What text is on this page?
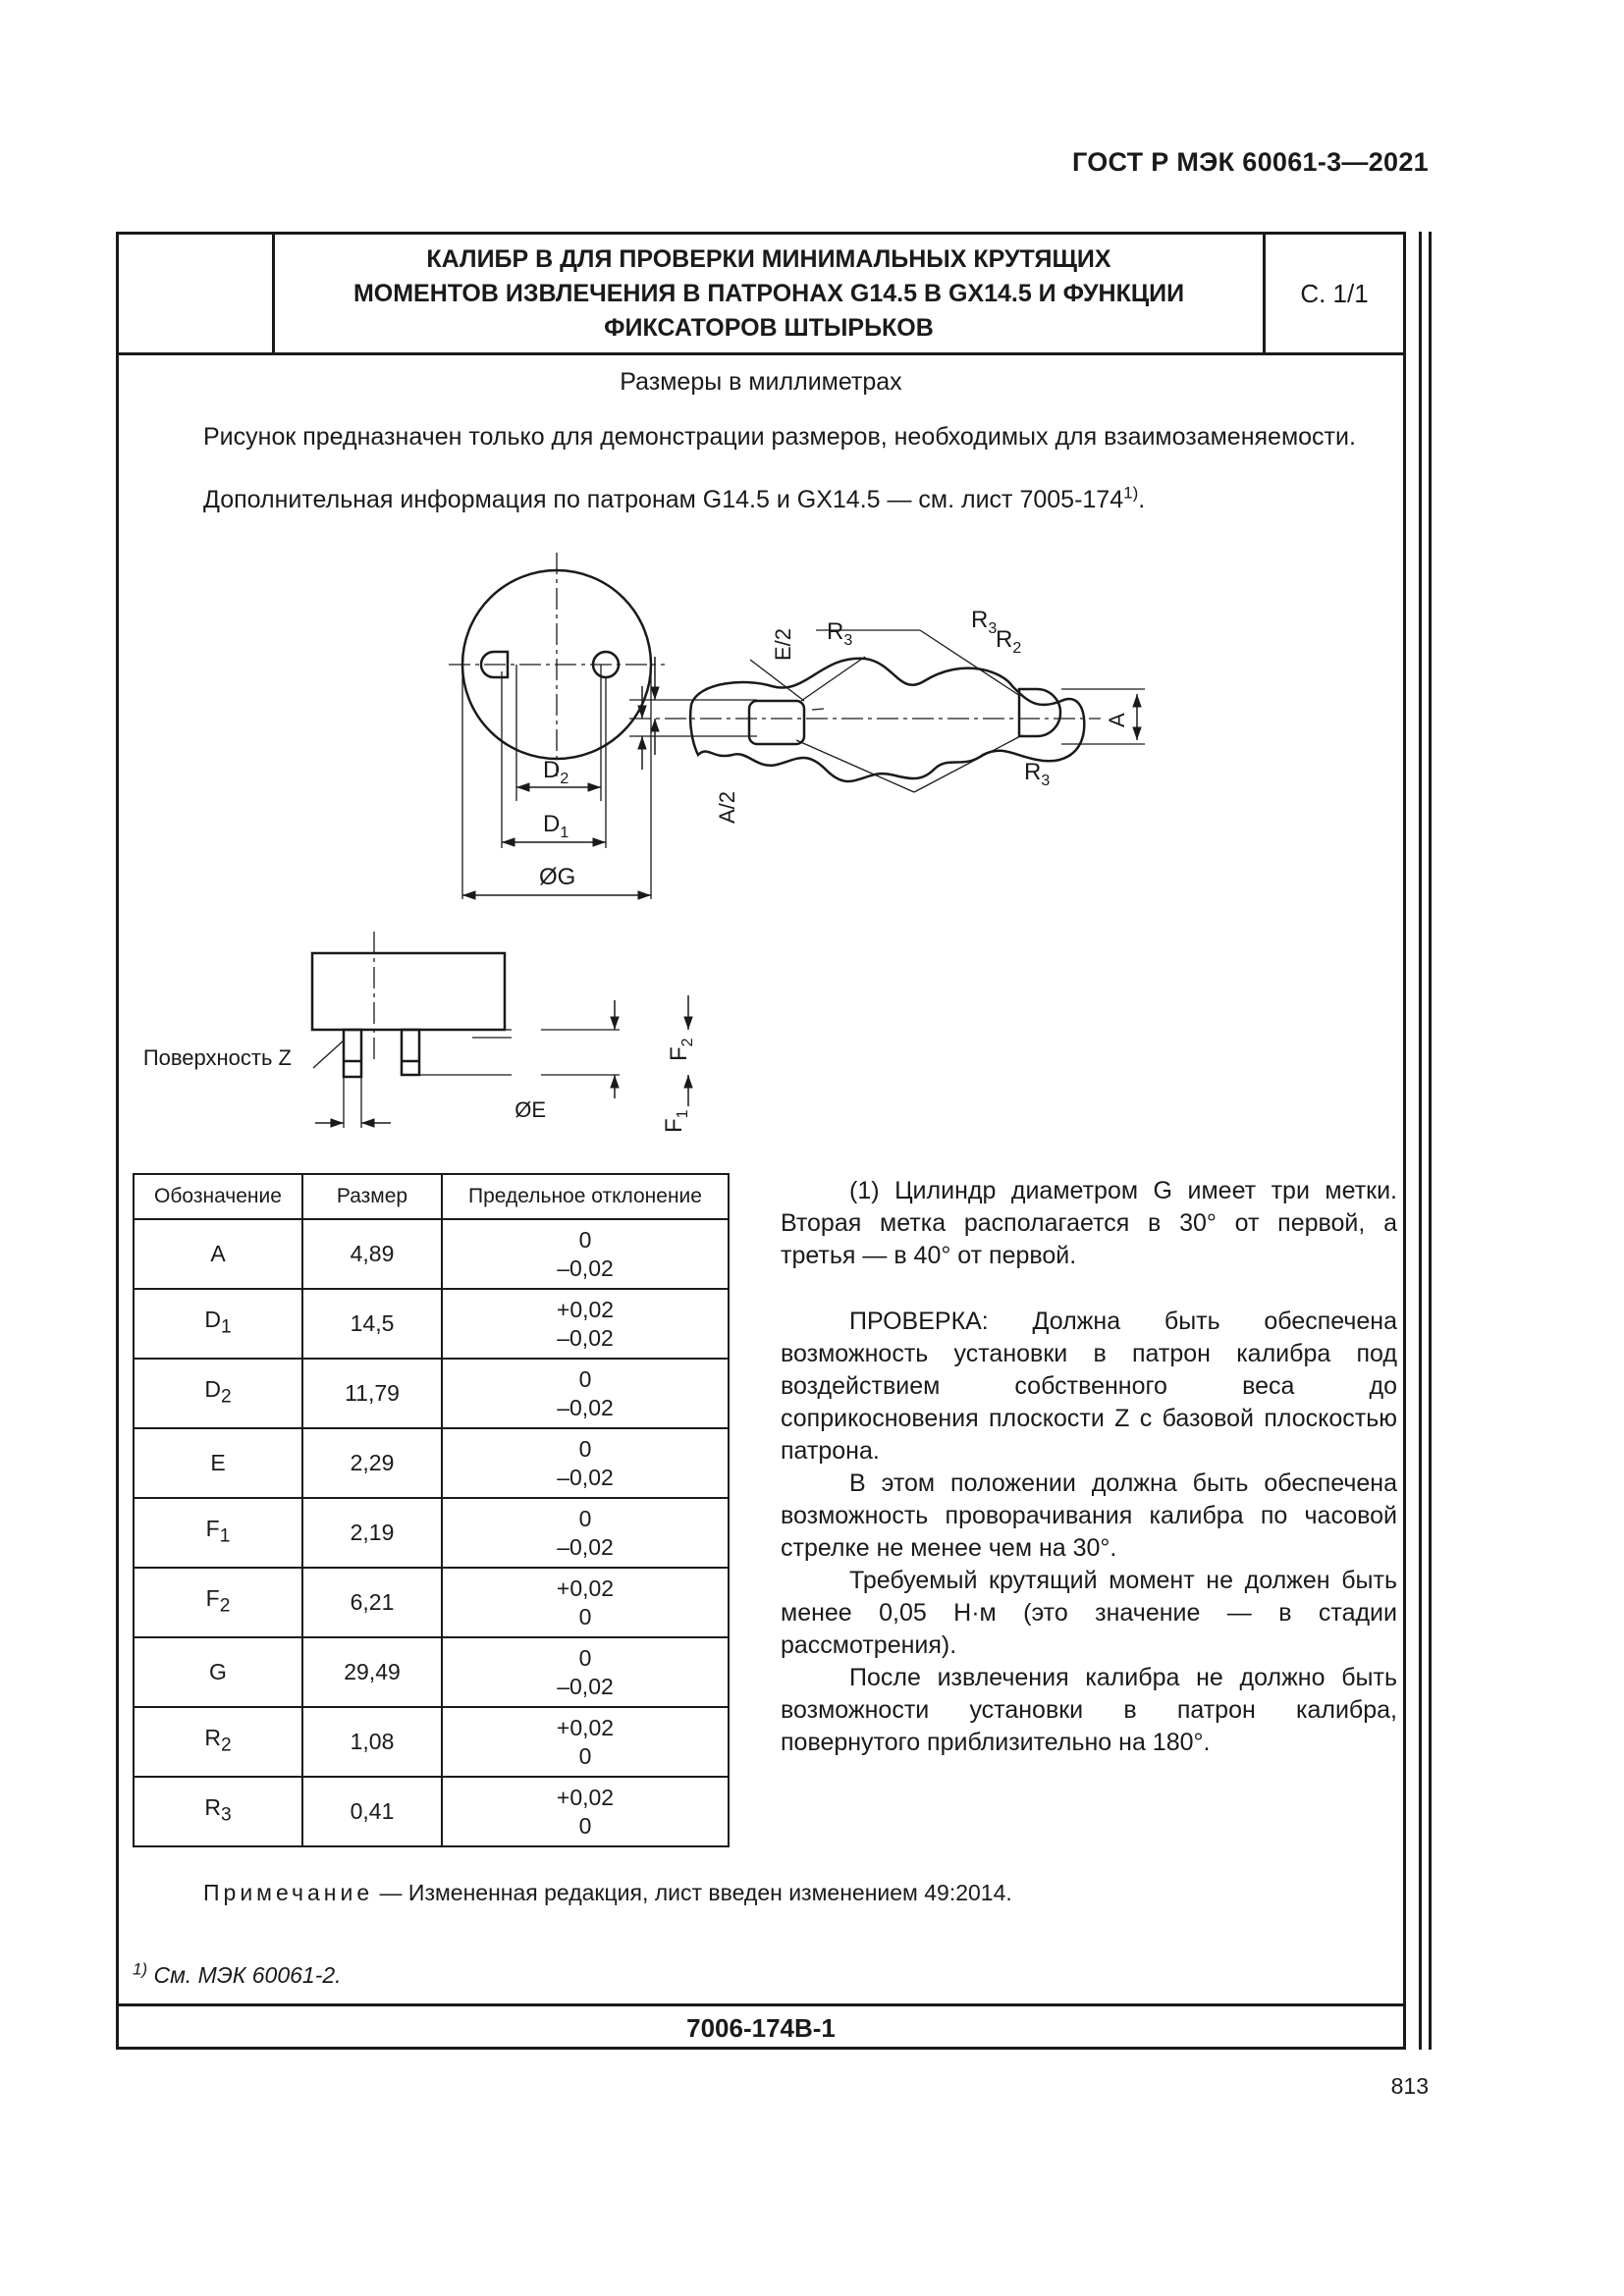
ГОСТ Р МЭК 60061-3—2021
КАЛИБР В ДЛЯ ПРОВЕРКИ МИНИМАЛЬНЫХ КРУТЯЩИХ
МОМЕНТОВ ИЗВЛЕЧЕНИЯ В ПАТРОНАХ G14.5 B GX14.5 И ФУНКЦИИ
ФИКСАТОРОВ ШТЫРЬКОВ
С. 1/1
Размеры в миллиметрах
Рисунок предназначен только для демонстрации размеров, необходимых для взаимозаменяемости.
Дополнительная информация по патронам G14.5 и GX14.5 — см. лист 7005-174$^{1)}$.
$D_2$
$D_1$
ØG
Поверхность Z
ØE
$F_1$
$F_2$
E/2
A/2
A
$R_3$
$R_3$	$R_2$
$R_3$
Обозначение	Размер	Предельное отклонение
A	4,89	0
–0,02

$D_1$	14,5	+0,02
–0,02

$D_2$	11,79	0
–0,02

E	2,29	0
–0,02

$F_1$	2,19	0
–0,02

$F_2$	6,21	+0,02
0

G	29,49	0
–0,02

$R_2$	1,08	+0,02
0

$R_3$	0,41	+0,02
0

(1) Цилиндр диаметром G имеет три метки. Вторая метка располагается в 30° от первой, а третья — в 40° от первой.

ПРОВЕРКА: Должна быть обеспечена возможность установки в патрон калибра под воздействием собственного веса до соприкосновения плоскости Z с базовой плоскостью патрона.

В этом положении должна быть обеспечена возможность проворачивания калибра по часовой стрелке не менее чем на 30°.

Требуемый крутящий момент не должен быть менее 0,05 Н·м (это значение — в стадии рассмотрения).

После извлечения калибра не должно быть возможности установки в патрон калибра, повернутого приблизительно на 180°.

Примечание — Измененная редакция, лист введен изменением 49:2014.
$^{1)}$ См. МЭК 60061-2.
7006-174B-1
813
